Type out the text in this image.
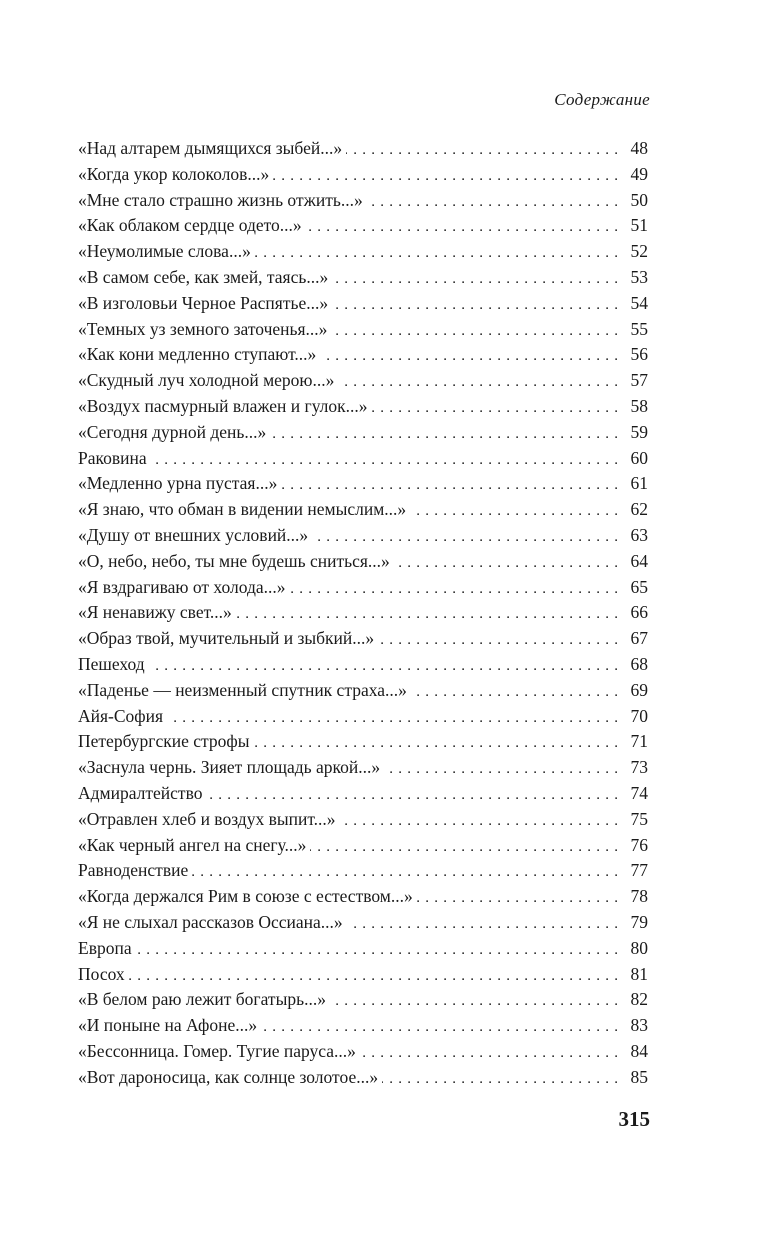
Содержание
«Над алтарем дымящихся зыбей...» . . .	48
«Когда укор колоколов...» . . .	49
«Мне стало страшно жизнь отжить...» . . .	50
«Как облаком сердце одето...» . . .	51
«Неумолимые слова...» . . .	52
«В самом себе, как змей, таясь...» . . .	53
«В изголовьи Черное Распятье...» . . .	54
«Темных уз земного заточенья...» . . .	55
«Как кони медленно ступают...» . . .	56
«Скудный луч холодной мерою...» . . .	57
«Воздух пасмурный влажен и гулок...» . . .	58
«Сегодня дурной день...» . . .	59
Раковина . . .	60
«Медленно урна пустая...» . . .	61
«Я знаю, что обман в видении немыслим...» . . .	62
«Душу от внешних условий...» . . .	63
«О, небо, небо, ты мне будешь сниться...» . . .	64
«Я вздрагиваю от холода...» . . .	65
«Я ненавижу свет...» . . .	66
«Образ твой, мучительный и зыбкий...» . . .	67
Пешеход . . .	68
«Паденье — неизменный спутник страха...» . . .	69
Айя-София . . .	70
Петербургские строфы . . .	71
«Заснула чернь. Зияет площадь аркой...» . . .	73
Адмиралтейство . . .	74
«Отравлен хлеб и воздух выпит...» . . .	75
«Как черный ангел на снегу...» . . .	76
Равноденствие . . .	77
«Когда держался Рим в союзе с естеством...» . . .	78
«Я не слыхал рассказов Оссиана...» . . .	79
Европа . . .	80
Посох . . .	81
«В белом раю лежит богатырь...» . . .	82
«И поныне на Афоне...» . . .	83
«Бессонница. Гомер. Тугие паруса...» . . .	84
«Вот дароносица, как солнце золотое...» . . .	85
315
